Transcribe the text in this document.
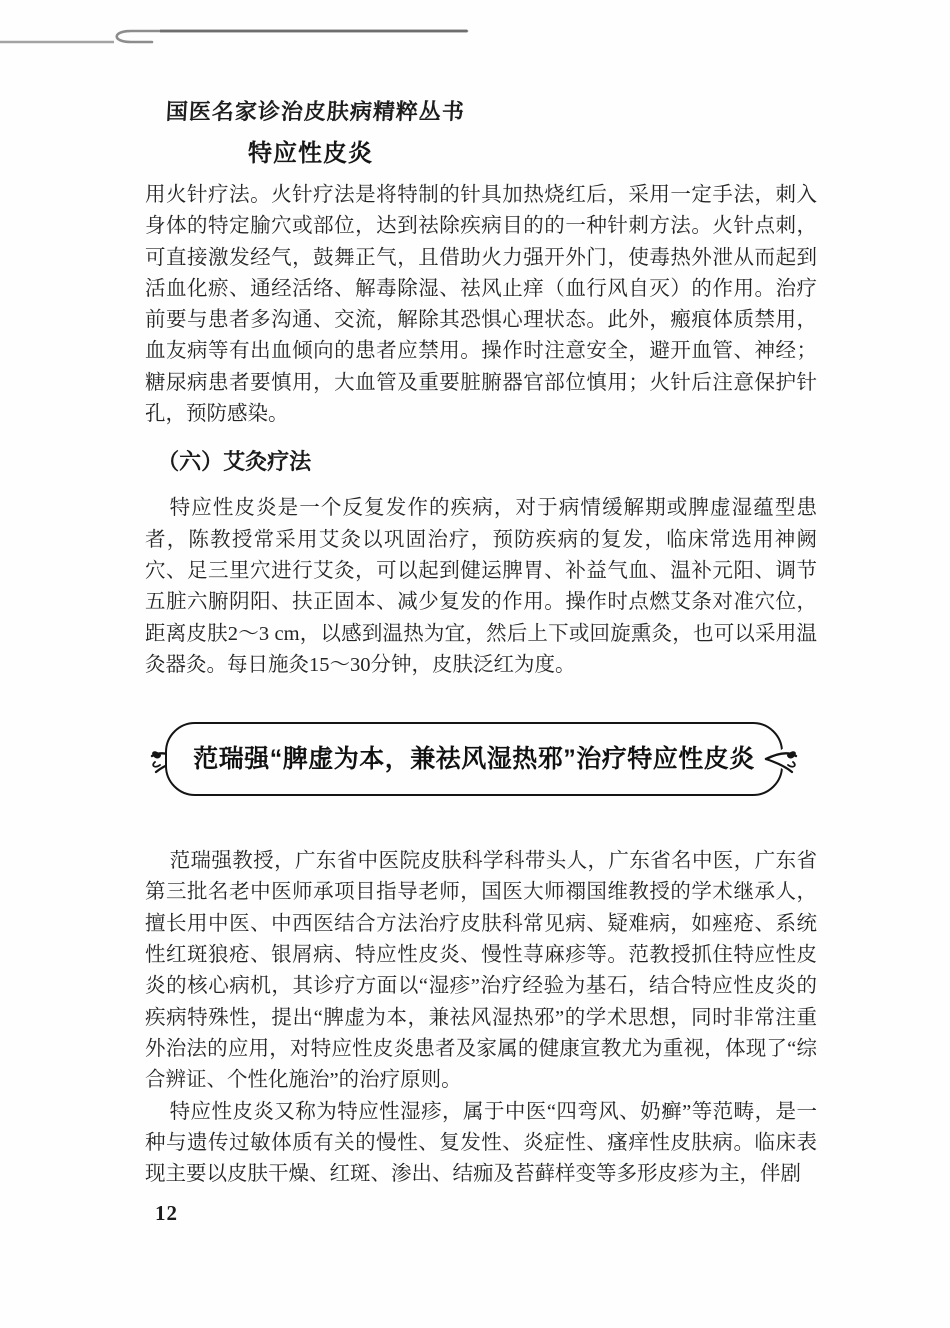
国医名家诊治皮肤病精粹丛书
特应性皮炎

用火针疗法。火针疗法是将特制的针具加热烧红后，采用一定手法，刺入身体的特定腧穴或部位，达到祛除疾病目的的一种针刺方法。火针点刺，可直接激发经气，鼓舞正气，且借助火力强开外门，使毒热外泄从而起到活血化瘀、通经活络、解毒除湿、祛风止痒（血行风自灭）的作用。治疗前要与患者多沟通、交流，解除其恐惧心理状态。此外，瘢痕体质禁用，血友病等有出血倾向的患者应禁用。操作时注意安全，避开血管、神经；糖尿病患者要慎用，大血管及重要脏腑器官部位慎用；火针后注意保护针孔，预防感染。

（六）艾灸疗法

特应性皮炎是一个反复发作的疾病，对于病情缓解期或脾虚湿蕴型患者，陈教授常采用艾灸以巩固治疗，预防疾病的复发，临床常选用神阙穴、足三里穴进行艾灸，可以起到健运脾胃、补益气血、温补元阳、调节五脏六腑阴阳、扶正固本、减少复发的作用。操作时点燃艾条对准穴位，距离皮肤2～3 cm，以感到温热为宜，然后上下或回旋熏灸，也可以采用温灸器灸。每日施灸15～30分钟，皮肤泛红为度。

范瑞强“脾虚为本，兼祛风湿热邪”治疗特应性皮炎

范瑞强教授，广东省中医院皮肤科学科带头人，广东省名中医，广东省第三批名老中医师承项目指导老师，国医大师禤国维教授的学术继承人，擅长用中医、中西医结合方法治疗皮肤科常见病、疑难病，如痤疮、系统性红斑狼疮、银屑病、特应性皮炎、慢性荨麻疹等。范教授抓住特应性皮炎的核心病机，其诊疗方面以“湿疹”治疗经验为基石，结合特应性皮炎的疾病特殊性，提出“脾虚为本，兼祛风湿热邪”的学术思想，同时非常注重外治法的应用，对特应性皮炎患者及家属的健康宣教尤为重视，体现了“综合辨证、个性化施治”的治疗原则。

特应性皮炎又称为特应性湿疹，属于中医“四弯风、奶癣”等范畴，是一种与遗传过敏体质有关的慢性、复发性、炎症性、瘙痒性皮肤病。临床表现主要以皮肤干燥、红斑、渗出、结痂及苔藓样变等多形皮疹为主，伴剧

12
